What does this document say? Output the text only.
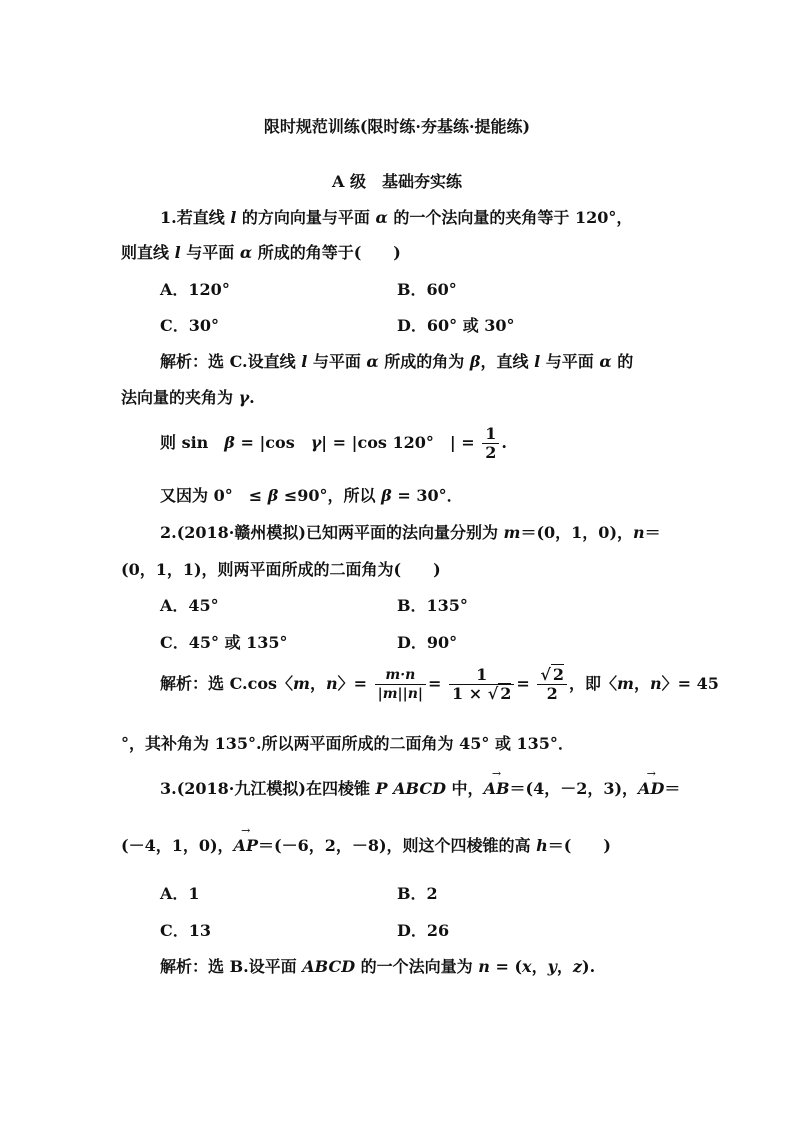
限时规范训练(限时练·夯基练·提能练)
A 级　基础夯实练
1.若直线 l 的方向向量与平面 α 的一个法向量的夹角等于 120°，
则直线 l 与平面 α 所成的角等于(　　)
A．120°	B．60°
C．30°	D．60° 或 30°
解析：选 C.设直线 l 与平面 α 所成的角为 β，直线 l 与平面 α 的
法向量的夹角为 γ.
则 sin　β = |cos　γ| = |cos 120°　| = $\frac{1}{2}$ .
又因为 0°　≤ β ≤90°，所以 β = 30°．
2.(2018·赣州模拟)已知两平面的法向量分别为 m＝(0，1，0)，n＝
(0，1，1)，则两平面所成的二面角为(　　)
A．45°	B．135°
C．45° 或 135°	D．90°
解析：选 C.cos〈m，n〉= $\frac{m\cdot n}{|m||n|} = \frac{1}{1 \times √ 2} = \frac{√ 2}{2}$ ，即〈m，n〉= 45
°，其补角为 135°.所以两平面所成的二面角为 45° 或 135°．
3.(2018·九江模拟)在四棱锥 P ABCD 中，→ AB＝(4，－2，3)，→ AD＝
(－4，1，0)，→ AP＝(－6，2，－8)，则这个四棱锥的高 h＝(　　)
A．1	B．2
C．13	D．26
解析：选 B.设平面 ABCD 的一个法向量为 n = (x，y，z).
